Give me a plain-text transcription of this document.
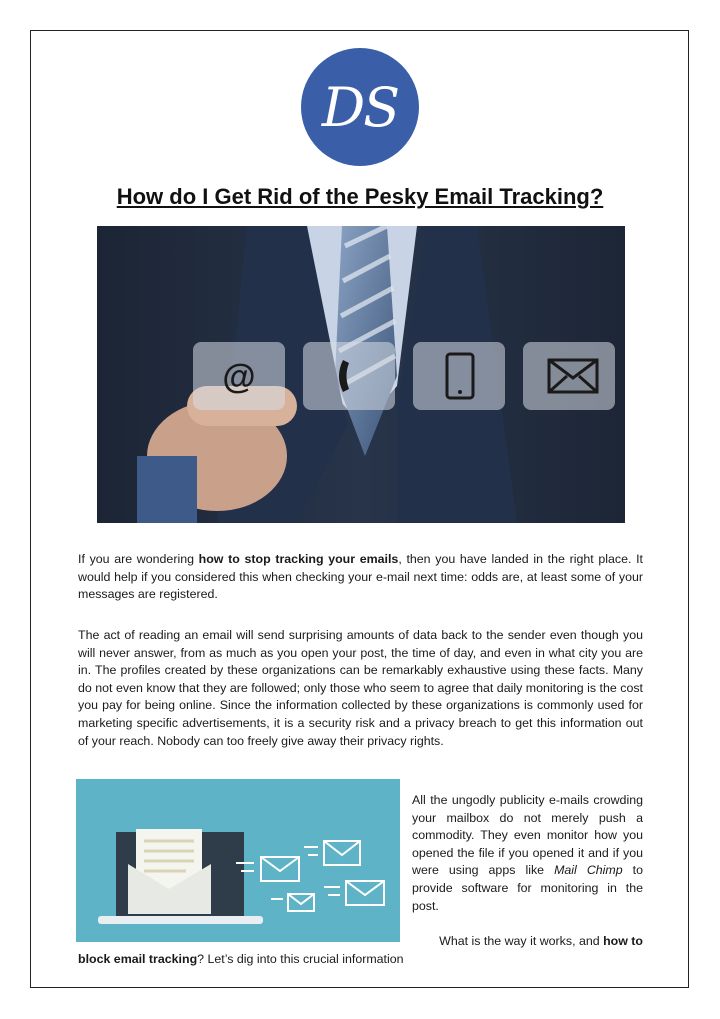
DS
How do I Get Rid of the Pesky Email Tracking?
@

If you are wondering how to stop tracking your emails, then you have landed in the right place. It would help if you considered this when checking your e-mail next time: odds are, at least some of your messages are registered.

The act of reading an email will send surprising amounts of data back to the sender even though you will never answer, from as much as you open your post, the time of day, and even in what city you are in. The profiles created by these organizations can be remarkably exhaustive using these facts. Many do not even know that they are followed; only those who seem to agree that daily monitoring is the cost you pay for being online. Since the information collected by these organizations is commonly used for marketing specific advertisements, it is a security risk and a privacy breach to get this information out of your reach. Nobody can too freely give away their privacy rights.

All the ungodly publicity e-mails crowding your mailbox do not merely push a commodity. They even monitor how you opened the file if you opened it and if you were using apps like Mail Chimp to provide software for monitoring in the post.

What is the way it works, and how to
block email tracking? Let’s dig into this crucial information
